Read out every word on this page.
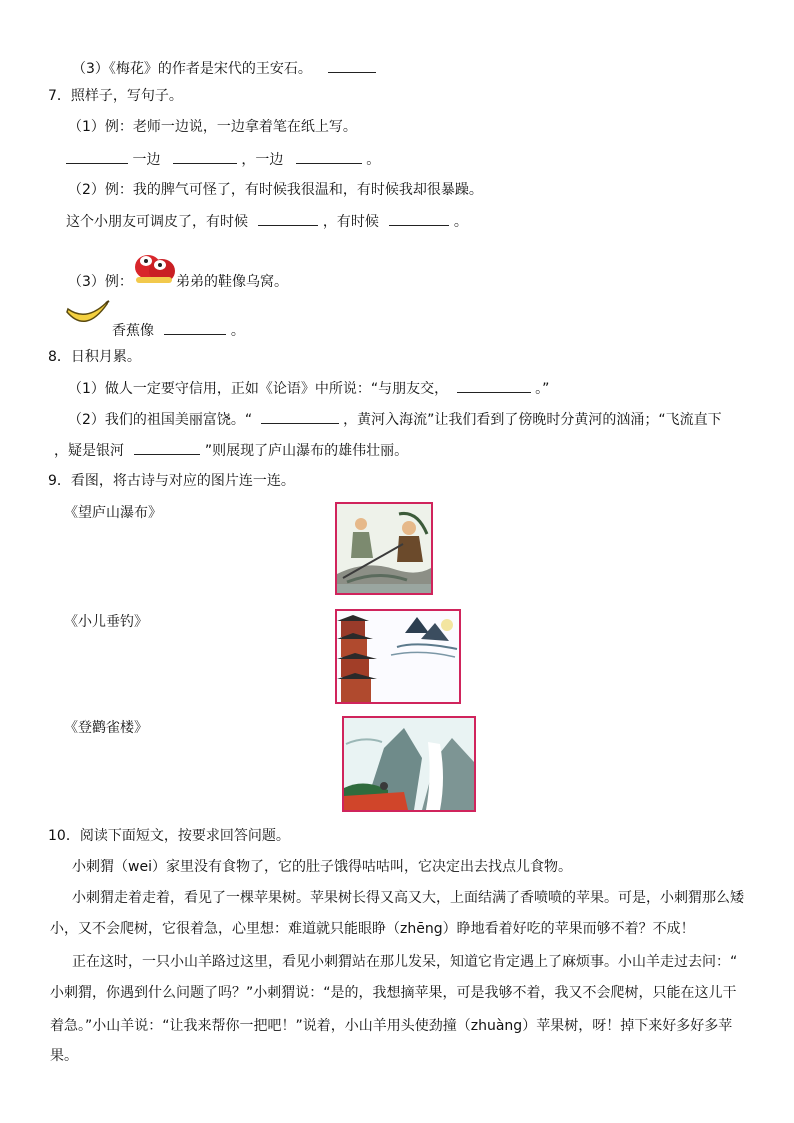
（3）《梅花》的作者是宋代的王安石。
7．照样子，写句子。
（1）例：老师一边说，一边拿着笔在纸上写。
一边	，一边	。
（2）例：我的脾气可怪了，有时候我很温和，有时候我却很暴躁。
这个小朋友可调皮了，有时候	，有时候	。
（3）例：	弟弟的鞋像乌窝。
香蕉像	。
8．日积月累。
（1）做人一定要守信用，正如《论语》中所说：“与朋友交，	。”
（2）我们的祖国美丽富饶。“	，黄河入海流”让我们看到了傍晚时分黄河的汹涌；“飞流直下
，疑是银河	”则展现了庐山瀑布的雄伟壮丽。
9．看图，将古诗与对应的图片连一连。
《望庐山瀑布》
《小儿垂钓》
《登鹳雀楼》
10．阅读下面短文，按要求回答问题。
小刺猬（wei）家里没有食物了，它的肚子饿得咕咕叫，它决定出去找点儿食物。
小刺猬走着走着，看见了一棵苹果树。苹果树长得又高又大，上面结满了香喷喷的苹果。可是，小刺猬那么矮
小，又不会爬树，它很着急，心里想：难道就只能眼睁（zhēng）睁地看着好吃的苹果而够不着？不成！
正在这时，一只小山羊路过这里，看见小刺猬站在那儿发呆，知道它肯定遇上了麻烦事。小山羊走过去问：“
小刺猬，你遇到什么问题了吗？”小刺猬说：“是的，我想摘苹果，可是我够不着，我又不会爬树，只能在这儿干
着急。”小山羊说：“让我来帮你一把吧！”说着，小山羊用头使劲撞（zhuàng）苹果树，呀！掉下来好多好多苹
果。
